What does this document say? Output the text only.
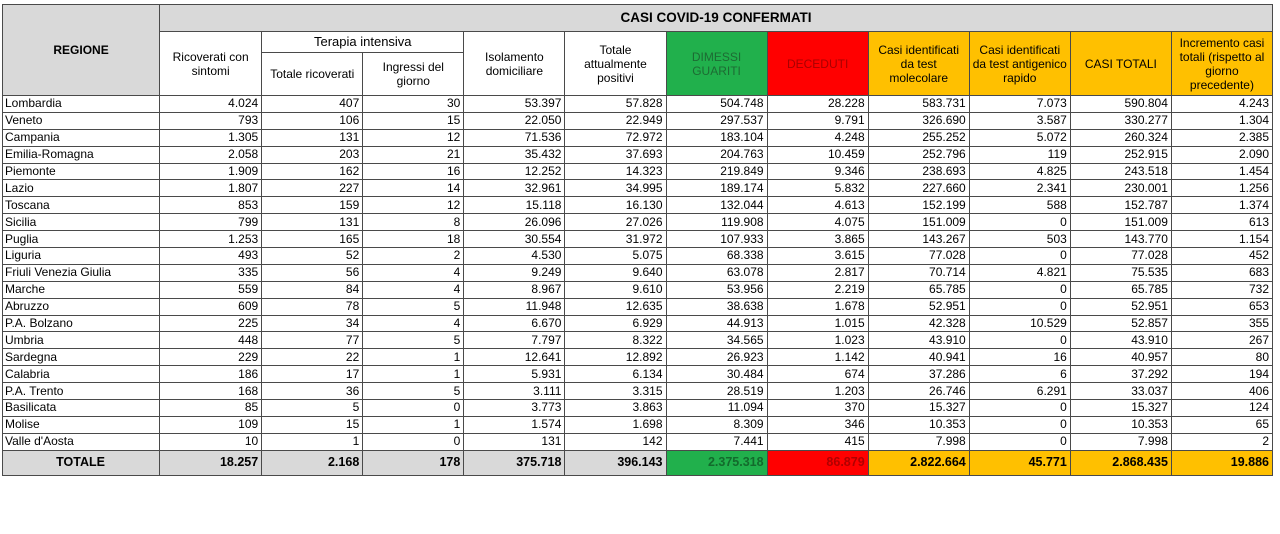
REGIONE	CASI COVID-19 CONFERMATI										
	Ricoverati con sintomi	Terapia intensiva		Isolamento domiciliare	Totale attualmente positivi	DIMESSI GUARITI	DECEDUTI	Casi identificati da test molecolare	Casi identificati da test antigenico rapido	CASI TOTALI	Incremento casi totali (rispetto al giorno precedente)
		Totale ricoverati	Ingressi del giorno								
Lombardia	4.024	407	30	53.397	57.828	504.748	28.228	583.731	7.073	590.804	4.243
Veneto	793	106	15	22.050	22.949	297.537	9.791	326.690	3.587	330.277	1.304
Campania	1.305	131	12	71.536	72.972	183.104	4.248	255.252	5.072	260.324	2.385
Emilia-Romagna	2.058	203	21	35.432	37.693	204.763	10.459	252.796	119	252.915	2.090
Piemonte	1.909	162	16	12.252	14.323	219.849	9.346	238.693	4.825	243.518	1.454
Lazio	1.807	227	14	32.961	34.995	189.174	5.832	227.660	2.341	230.001	1.256
Toscana	853	159	12	15.118	16.130	132.044	4.613	152.199	588	152.787	1.374
Sicilia	799	131	8	26.096	27.026	119.908	4.075	151.009	0	151.009	613
Puglia	1.253	165	18	30.554	31.972	107.933	3.865	143.267	503	143.770	1.154
Liguria	493	52	2	4.530	5.075	68.338	3.615	77.028	0	77.028	452
Friuli Venezia Giulia	335	56	4	9.249	9.640	63.078	2.817	70.714	4.821	75.535	683
Marche	559	84	4	8.967	9.610	53.956	2.219	65.785	0	65.785	732
Abruzzo	609	78	5	11.948	12.635	38.638	1.678	52.951	0	52.951	653
P.A. Bolzano	225	34	4	6.670	6.929	44.913	1.015	42.328	10.529	52.857	355
Umbria	448	77	5	7.797	8.322	34.565	1.023	43.910	0	43.910	267
Sardegna	229	22	1	12.641	12.892	26.923	1.142	40.941	16	40.957	80
Calabria	186	17	1	5.931	6.134	30.484	674	37.286	6	37.292	194
P.A. Trento	168	36	5	3.111	3.315	28.519	1.203	26.746	6.291	33.037	406
Basilicata	85	5	0	3.773	3.863	11.094	370	15.327	0	15.327	124
Molise	109	15	1	1.574	1.698	8.309	346	10.353	0	10.353	65
Valle d'Aosta	10	1	0	131	142	7.441	415	7.998	0	7.998	2
TOTALE	18.257	2.168	178	375.718	396.143	2.375.318	86.879	2.822.664	45.771	2.868.435	19.886
